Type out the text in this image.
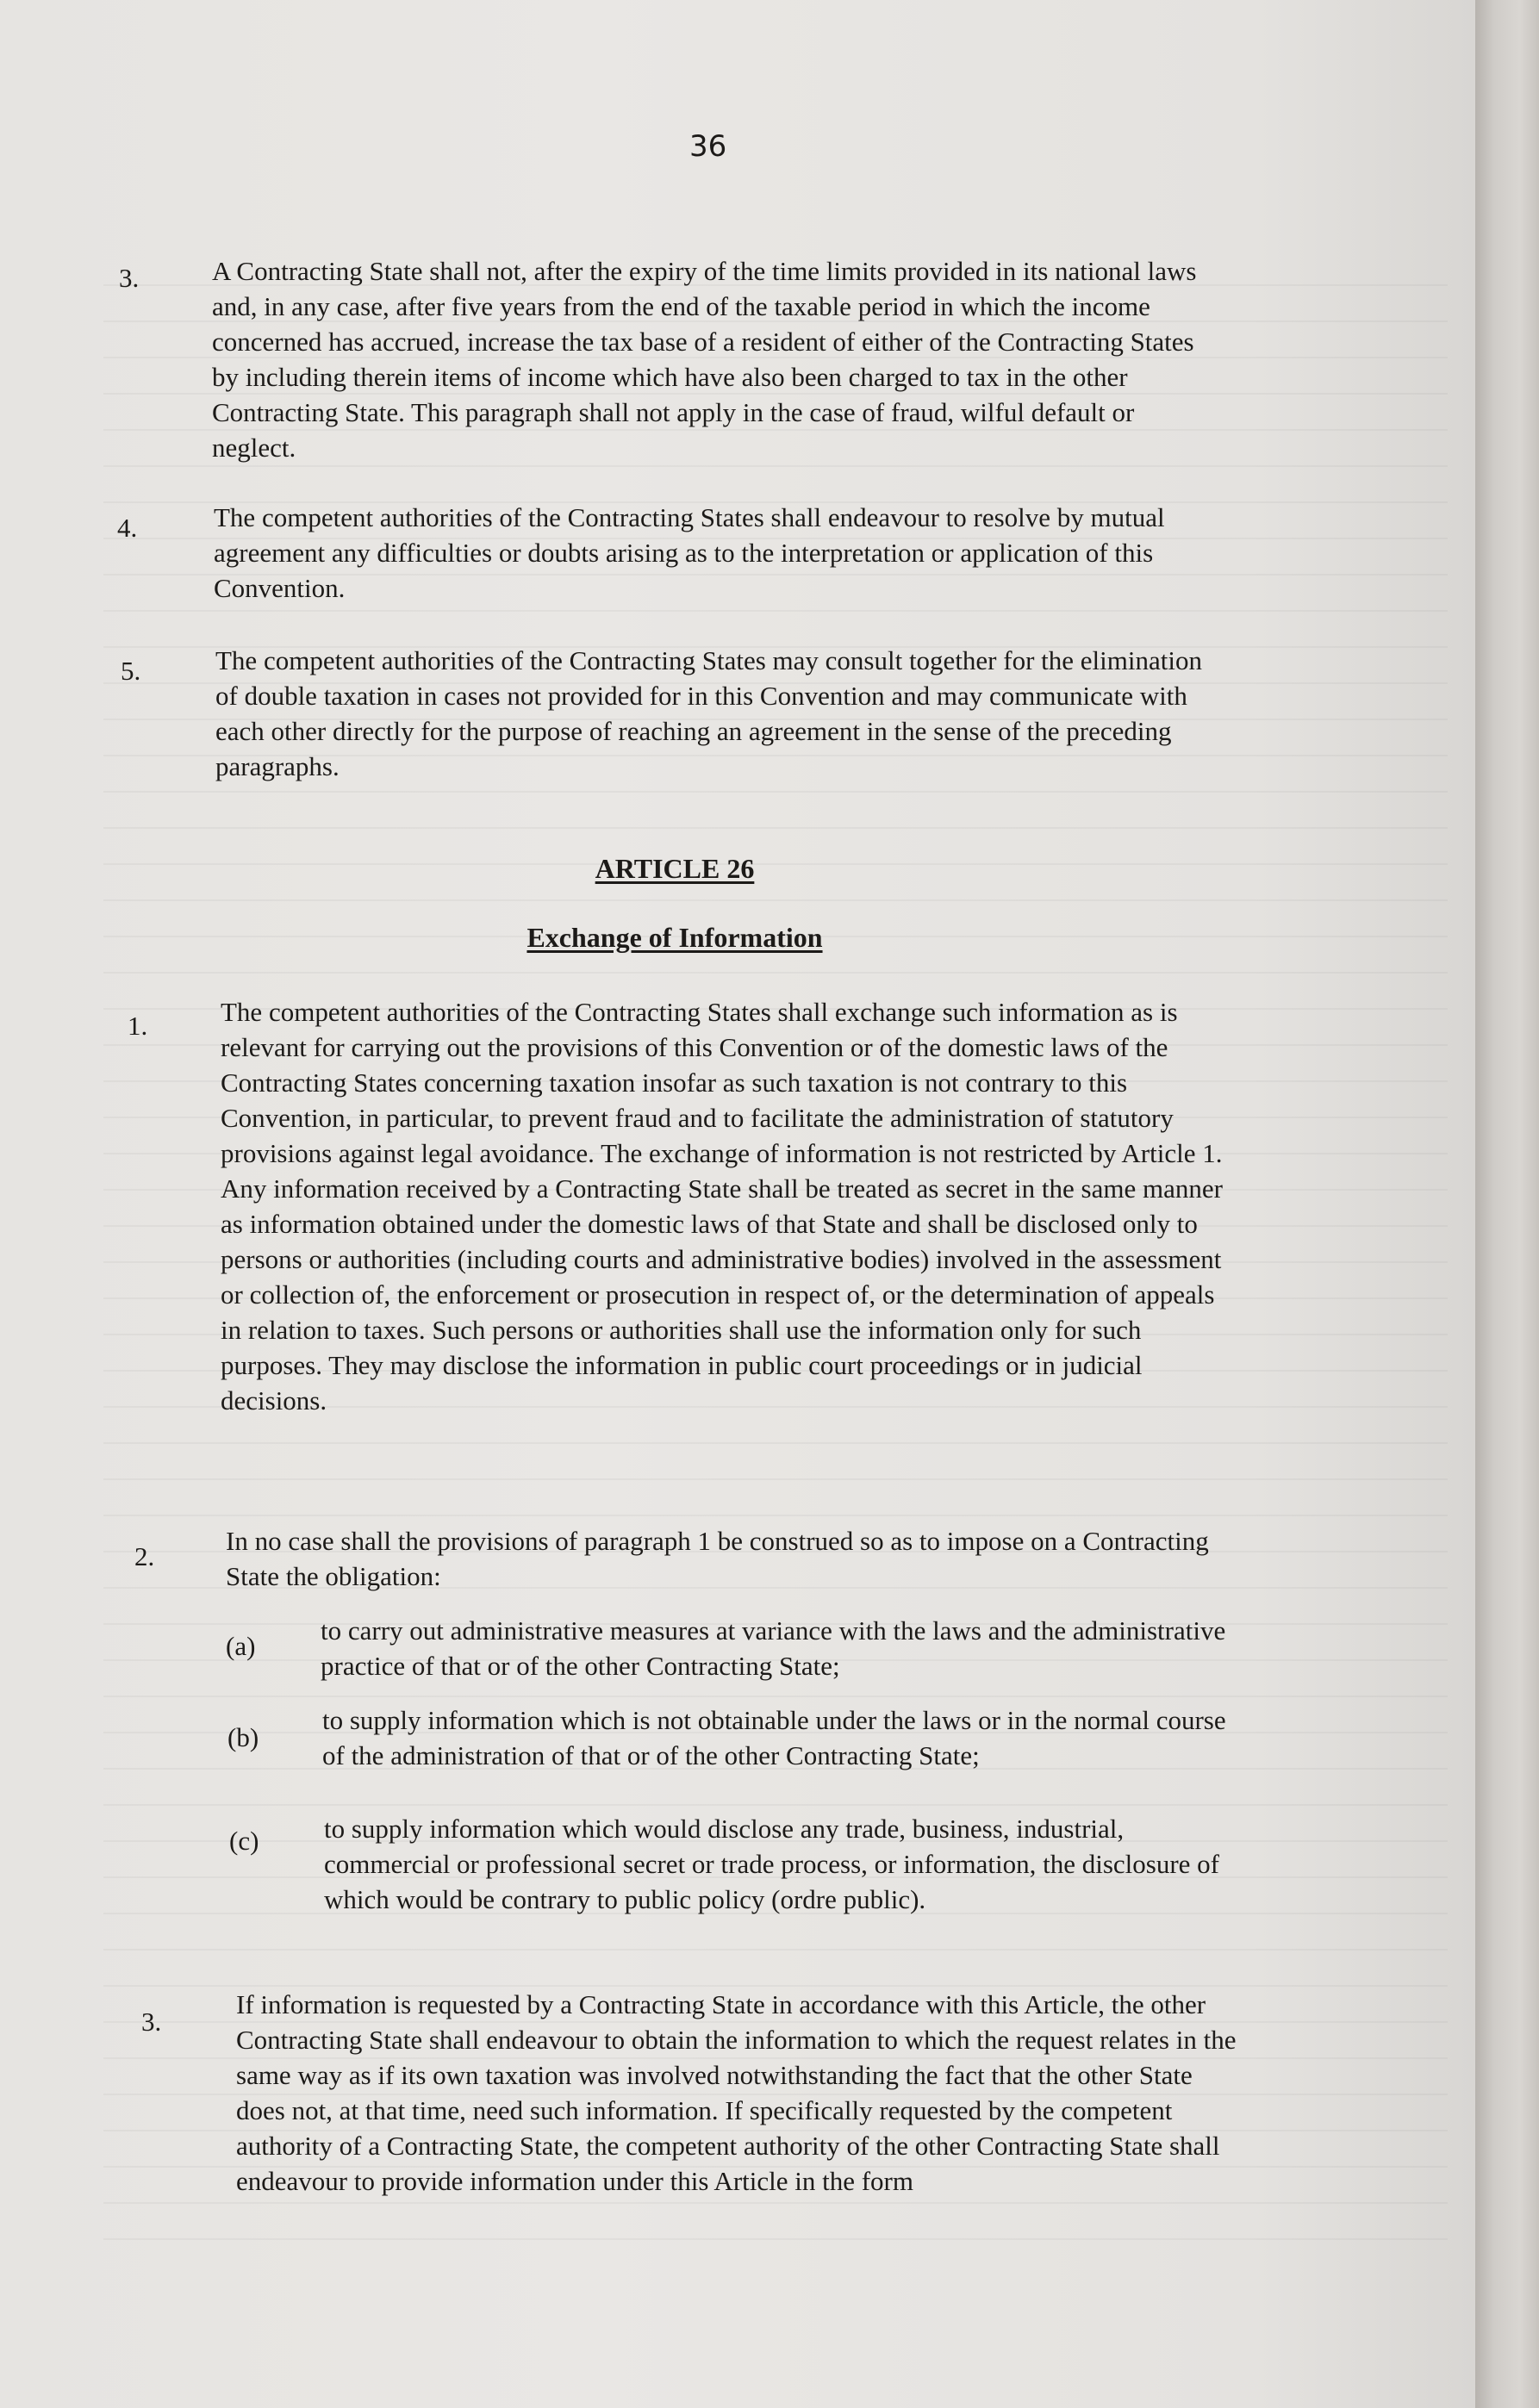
36
3.	A Contracting State shall not, after the expiry of the time limits provided in its national laws and, in any case, after five years from the end of the taxable period in which the income concerned has accrued, increase the tax base of a resident of either of the Contracting States by including therein items of income which have also been charged to tax in the other Contracting State. This paragraph shall not apply in the case of fraud, wilful default or neglect.
4.	The competent authorities of the Contracting States shall endeavour to resolve by mutual agreement any difficulties or doubts arising as to the interpretation or application of this Convention.
5.	The competent authorities of the Contracting States may consult together for the elimination of double taxation in cases not provided for in this Convention and may communicate with each other directly for the purpose of reaching an agreement in the sense of the preceding paragraphs.
ARTICLE 26
Exchange of Information
1.	The competent authorities of the Contracting States shall exchange such information as is relevant for carrying out the provisions of this Convention or of the domestic laws of the Contracting States concerning taxation insofar as such taxation is not contrary to this Convention, in particular, to prevent fraud and to facilitate the administration of statutory provisions against legal avoidance. The exchange of information is not restricted by Article 1. Any information received by a Contracting State shall be treated as secret in the same manner as information obtained under the domestic laws of that State and shall be disclosed only to persons or authorities (including courts and administrative bodies) involved in the assessment or collection of, the enforcement or prosecution in respect of, or the determination of appeals in relation to taxes. Such persons or authorities shall use the information only for such purposes. They may disclose the information in public court proceedings or in judicial decisions.
2.
In no case shall the provisions of paragraph 1 be construed so as to impose on a Contracting State the obligation:
(a)
to carry out administrative measures at variance with the laws and the administrative practice of that or of the other Contracting State;
(b)
to supply information which is not obtainable under the laws or in the normal course of the administration of that or of the other Contracting State;
(c) to supply information which would disclose any trade, business, industrial, commercial or professional secret or trade process, or information, the disclosure of which would be contrary to public policy (ordre public).
3.
If information is requested by a Contracting State in accordance with this Article, the other Contracting State shall endeavour to obtain the information to which the request relates in the same way as if its own taxation was involved notwithstanding the fact that the other State does not, at that time, need such information. If specifically requested by the competent authority of a Contracting State, the competent authority of the other Contracting State shall endeavour to provide information under this Article in the form
